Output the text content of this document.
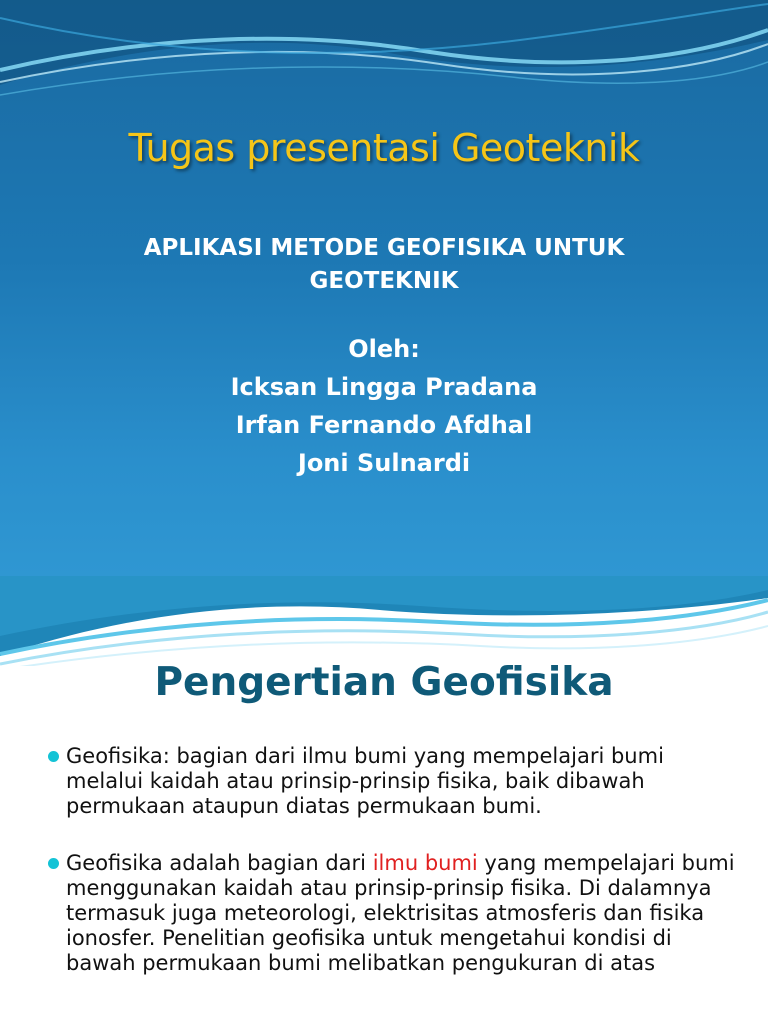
Tugas presentasi Geoteknik
APLIKASI METODE GEOFISIKA UNTUK
GEOTEKNIK
Oleh:
Icksan Lingga Pradana
Irfan Fernando Afdhal
Joni Sulnardi
Pengertian Geofisika
Geofisika: bagian dari ilmu bumi yang mempelajari bumi melalui kaidah atau prinsip-prinsip fisika, baik dibawah permukaan ataupun diatas permukaan bumi.
Geofisika adalah bagian dari ilmu bumi yang mempelajari bumi menggunakan kaidah atau prinsip-prinsip fisika. Di dalamnya termasuk juga meteorologi, elektrisitas atmosferis dan fisika ionosfer. Penelitian geofisika untuk mengetahui kondisi di bawah permukaan bumi melibatkan pengukuran di atas
